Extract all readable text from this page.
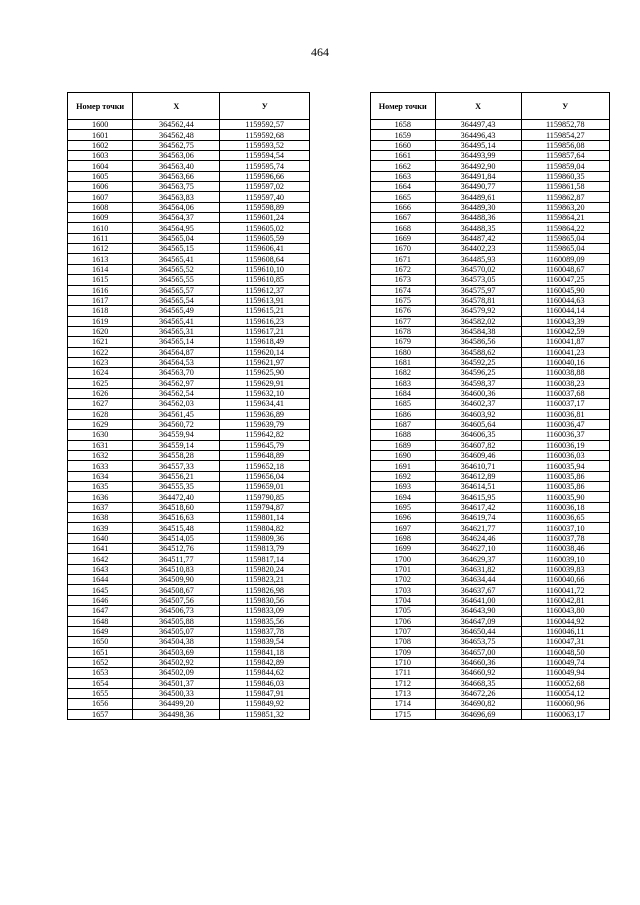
464
Номер точки	Х	У
1600	364562,44	1159592,57
1601	364562,48	1159592,68
1602	364562,75	1159593,52
1603	364563,06	1159594,54
1604	364563,40	1159595,74
1605	364563,66	1159596,66
1606	364563,75	1159597,02
1607	364563,83	1159597,40
1608	364564,06	1159598,89
1609	364564,37	1159601,24
1610	364564,95	1159605,02
1611	364565,04	1159605,59
1612	364565,15	1159606,41
1613	364565,41	1159608,64
1614	364565,52	1159610,10
1615	364565,55	1159610,85
1616	364565,57	1159612,37
1617	364565,54	1159613,91
1618	364565,49	1159615,21
1619	364565,41	1159616,23
1620	364565,31	1159617,21
1621	364565,14	1159618,49
1622	364564,87	1159620,14
1623	364564,53	1159621,97
1624	364563,70	1159625,90
1625	364562,97	1159629,91
1626	364562,54	1159632,10
1627	364562,03	1159634,41
1628	364561,45	1159636,89
1629	364560,72	1159639,79
1630	364559,94	1159642,82
1631	364559,14	1159645,79
1632	364558,28	1159648,89
1633	364557,33	1159652,18
1634	364556,21	1159656,04
1635	364555,35	1159659,01
1636	364472,40	1159790,85
1637	364518,60	1159794,87
1638	364516,63	1159801,14
1639	364515,48	1159804,82
1640	364514,05	1159809,36
1641	364512,76	1159813,79
1642	364511,77	1159817,14
1643	364510,83	1159820,24
1644	364509,90	1159823,21
1645	364508,67	1159826,98
1646	364507,56	1159830,56
1647	364506,73	1159833,09
1648	364505,88	1159835,56
1649	364505,07	1159837,78
1650	364504,38	1159839,54
1651	364503,69	1159841,18
1652	364502,92	1159842,89
1653	364502,09	1159844,62
1654	364501,37	1159846,03
1655	364500,33	1159847,91
1656	364499,20	1159849,92
1657	364498,36	1159851,32
Номер точки	Х	У
1658	364497,43	1159852,78
1659	364496,43	1159854,27
1660	364495,14	1159856,08
1661	364493,99	1159857,64
1662	364492,90	1159859,04
1663	364491,84	1159860,35
1664	364490,77	1159861,58
1665	364489,61	1159862,87
1666	364489,30	1159863,20
1667	364488,36	1159864,21
1668	364488,35	1159864,22
1669	364487,42	1159865,04
1670	364402,23	1159865,04
1671	364485,93	1160089,09
1672	364570,02	1160048,67
1673	364573,05	1160047,25
1674	364575,97	1160045,90
1675	364578,81	1160044,63
1676	364579,92	1160044,14
1677	364582,02	1160043,39
1678	364584,38	1160042,59
1679	364586,56	1160041,87
1680	364588,62	1160041,23
1681	364592,25	1160040,16
1682	364596,25	1160038,88
1683	364598,37	1160038,23
1684	364600,36	1160037,68
1685	364602,37	1160037,17
1686	364603,92	1160036,81
1687	364605,64	1160036,47
1688	364606,35	1160036,37
1689	364607,82	1160036,19
1690	364609,46	1160036,03
1691	364610,71	1160035,94
1692	364612,89	1160035,86
1693	364614,51	1160035,86
1694	364615,95	1160035,90
1695	364617,42	1160036,18
1696	364619,74	1160036,65
1697	364621,77	1160037,10
1698	364624,46	1160037,78
1699	364627,10	1160038,46
1700	364629,37	1160039,10
1701	364631,82	1160039,83
1702	364634,44	1160040,66
1703	364637,67	1160041,72
1704	364641,00	1160042,81
1705	364643,90	1160043,80
1706	364647,09	1160044,92
1707	364650,44	1160046,11
1708	364653,75	1160047,31
1709	364657,00	1160048,50
1710	364660,36	1160049,74
1711	364660,92	1160049,94
1712	364668,35	1160052,68
1713	364672,26	1160054,12
1714	364690,82	1160060,96
1715	364696,69	1160063,17
